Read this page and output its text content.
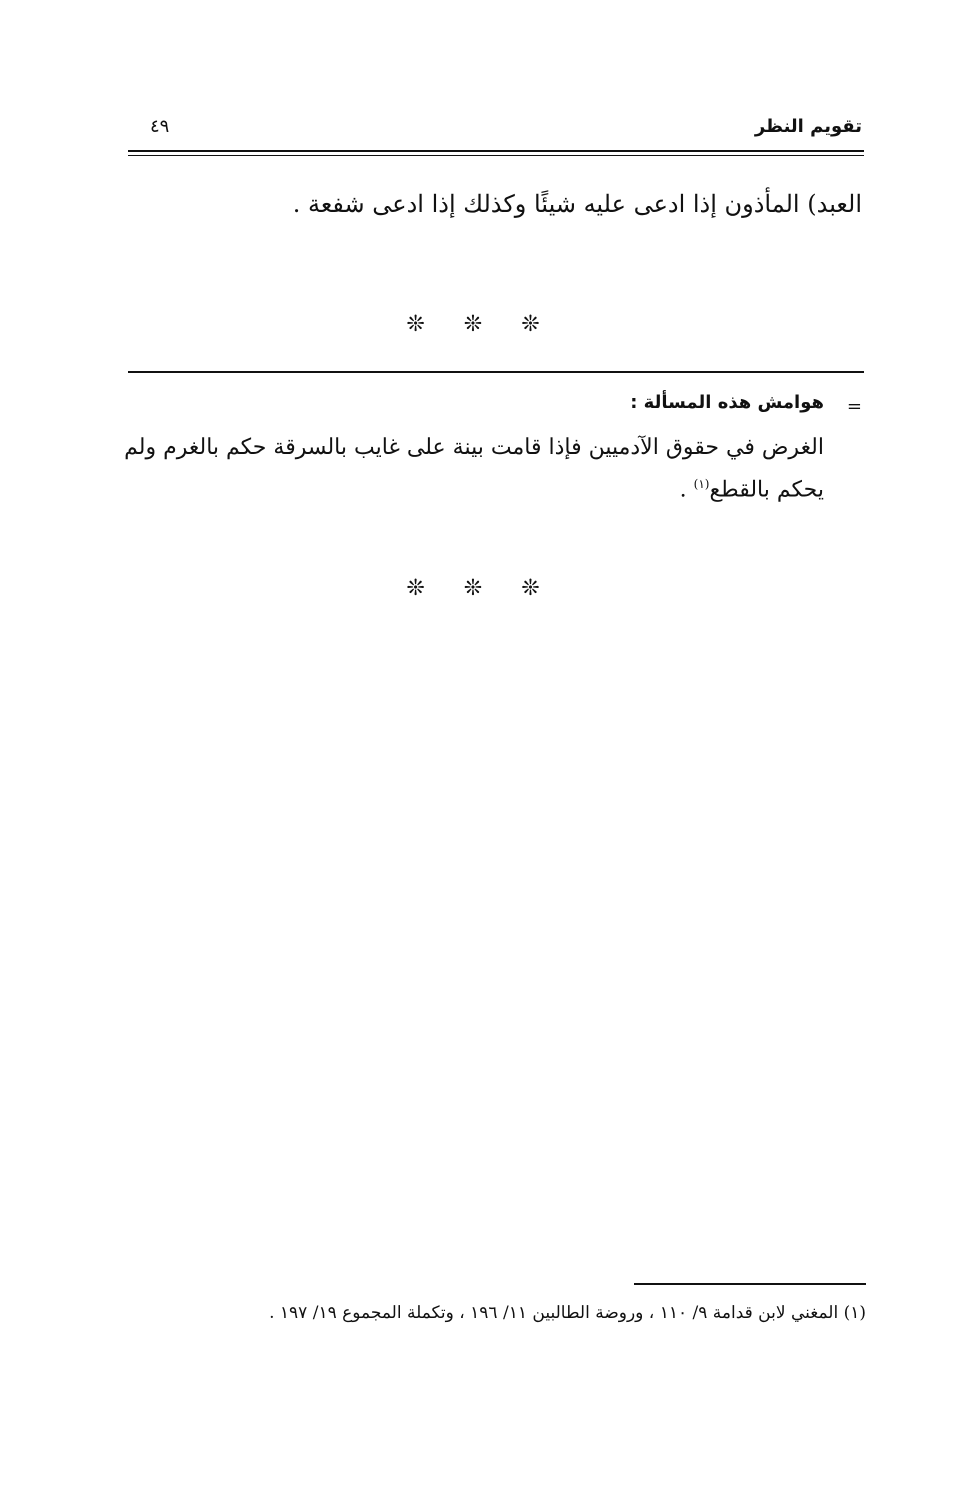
تقويم النظر
٤٩
العبد) المأذون إذا ادعى عليه شيئًا وكذلك إذا ادعى شفعة .
❊ ❊ ❊
=
هوامش هذه المسألة :
الغرض في حقوق الآدميين فإذا قامت بينة على غايب بالسرقة حكم بالغرم ولم يحكم بالقطع$^{(١)}$ .
❊ ❊ ❊
(١) المغني لابن قدامة ٩/ ١١٠ ، وروضة الطالبين ١١/ ١٩٦ ، وتكملة المجموع ١٩/ ١٩٧ .
